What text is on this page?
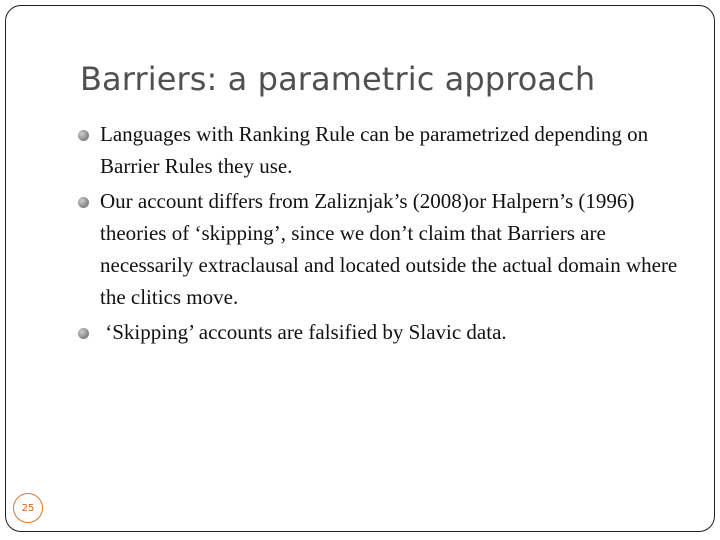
Barriers: a parametric approach
Languages with Ranking Rule can be parametrized depending on Barrier Rules they use.
Our account differs from Zaliznjak’s (2008)or Halpern’s (1996) theories of ‘skipping’, since we don’t claim that Barriers are necessarily extraclausal and located outside the actual domain where the clitics move.
‘Skipping’ accounts are falsified by Slavic data.
25
